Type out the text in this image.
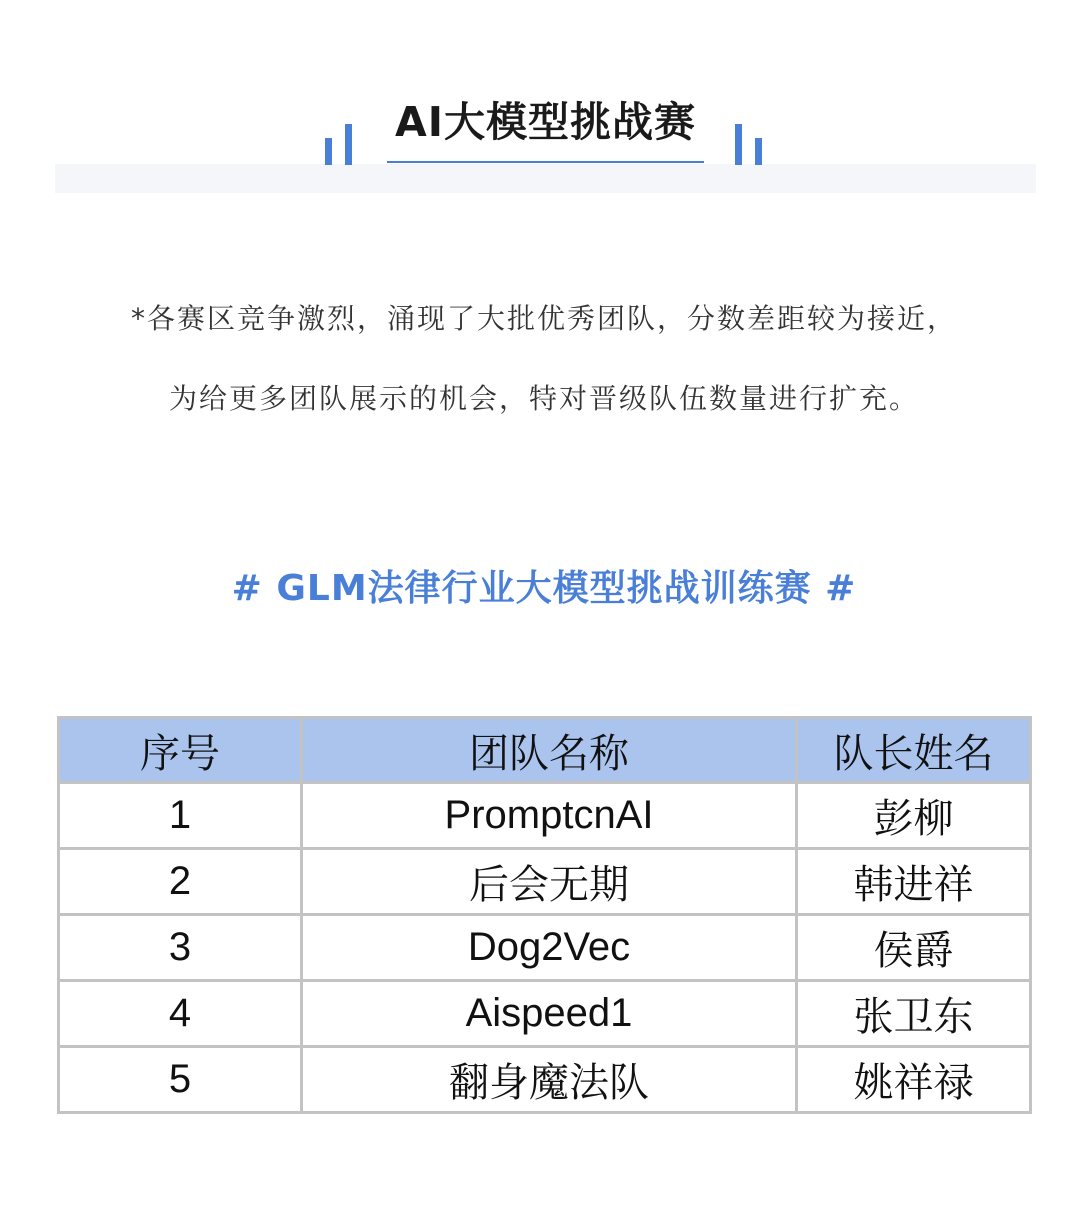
AI大模型挑战赛

*各赛区竞争激烈，涌现了大批优秀团队，分数差距较为接近，

为给更多团队展示的机会，特对晋级队伍数量进行扩充。

# GLM法律行业大模型挑战训练赛 #
序号	团队名称	队长姓名
1	PromptcnAI	彭柳
2	后会无期	韩进祥
3	Dog2Vec	侯爵
4	Aispeed1	张卫东
5	翻身魔法队	姚祥禄
